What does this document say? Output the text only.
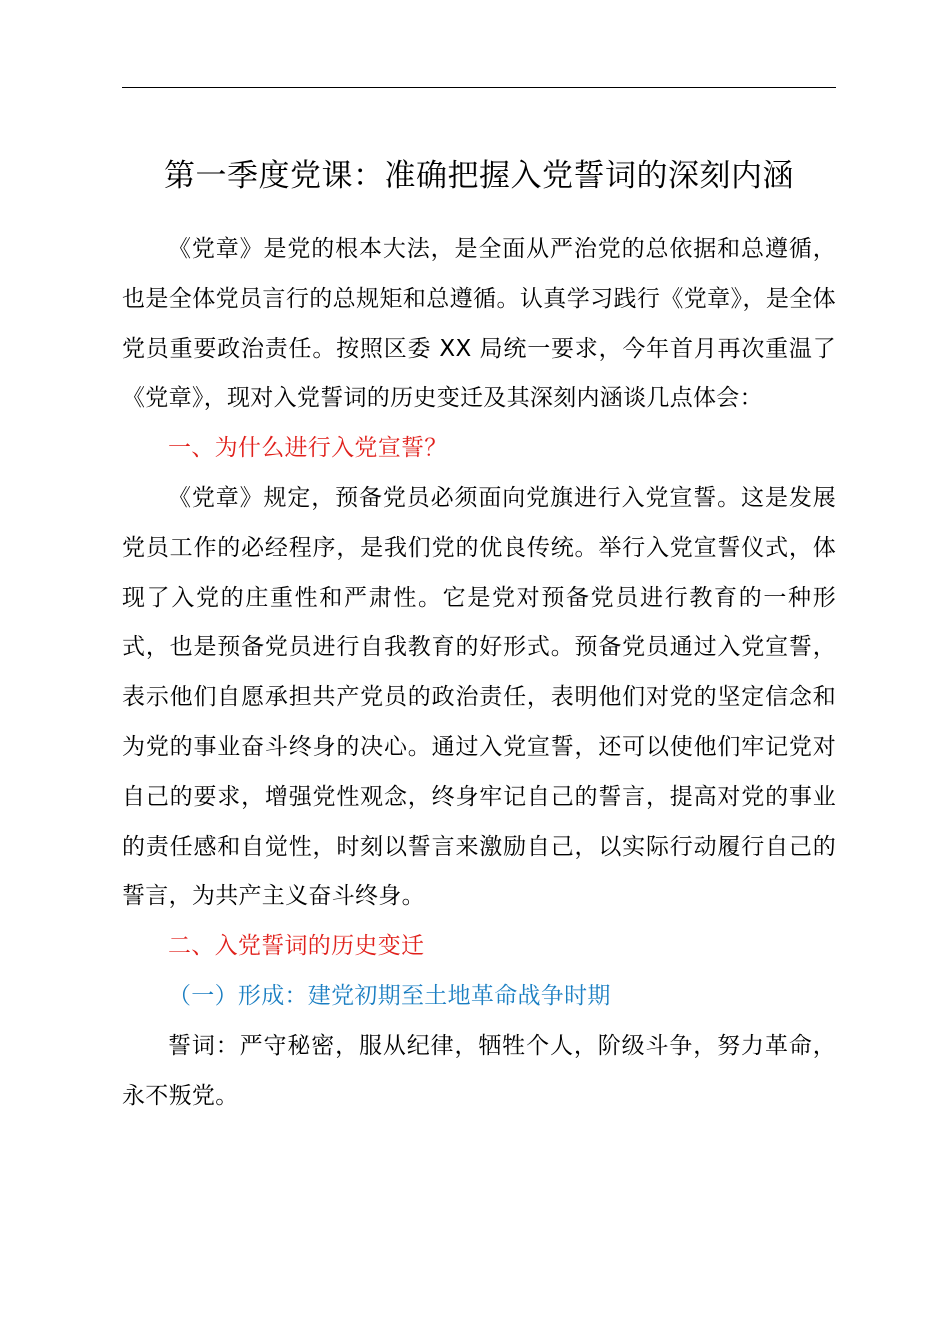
第一季度党课：准确把握入党誓词的深刻内涵

《党章》是党的根本大法，是全面从严治党的总依据和总遵循，也是全体党员言行的总规矩和总遵循。认真学习践行《党章》，是全体党员重要政治责任。按照区委 XX 局统一要求，今年首月再次重温了《党章》，现对入党誓词的历史变迁及其深刻内涵谈几点体会：

一、为什么进行入党宣誓？

《党章》规定，预备党员必须面向党旗进行入党宣誓。这是发展党员工作的必经程序，是我们党的优良传统。举行入党宣誓仪式，体现了入党的庄重性和严肃性。它是党对预备党员进行教育的一种形式，也是预备党员进行自我教育的好形式。预备党员通过入党宣誓，表示他们自愿承担共产党员的政治责任，表明他们对党的坚定信念和为党的事业奋斗终身的决心。通过入党宣誓，还可以使他们牢记党对自己的要求，增强党性观念，终身牢记自己的誓言，提高对党的事业的责任感和自觉性，时刻以誓言来激励自己，以实际行动履行自己的誓言，为共产主义奋斗终身。

二、入党誓词的历史变迁

（一）形成：建党初期至土地革命战争时期

誓词：严守秘密，服从纪律，牺牲个人，阶级斗争，努力革命，永不叛党。
